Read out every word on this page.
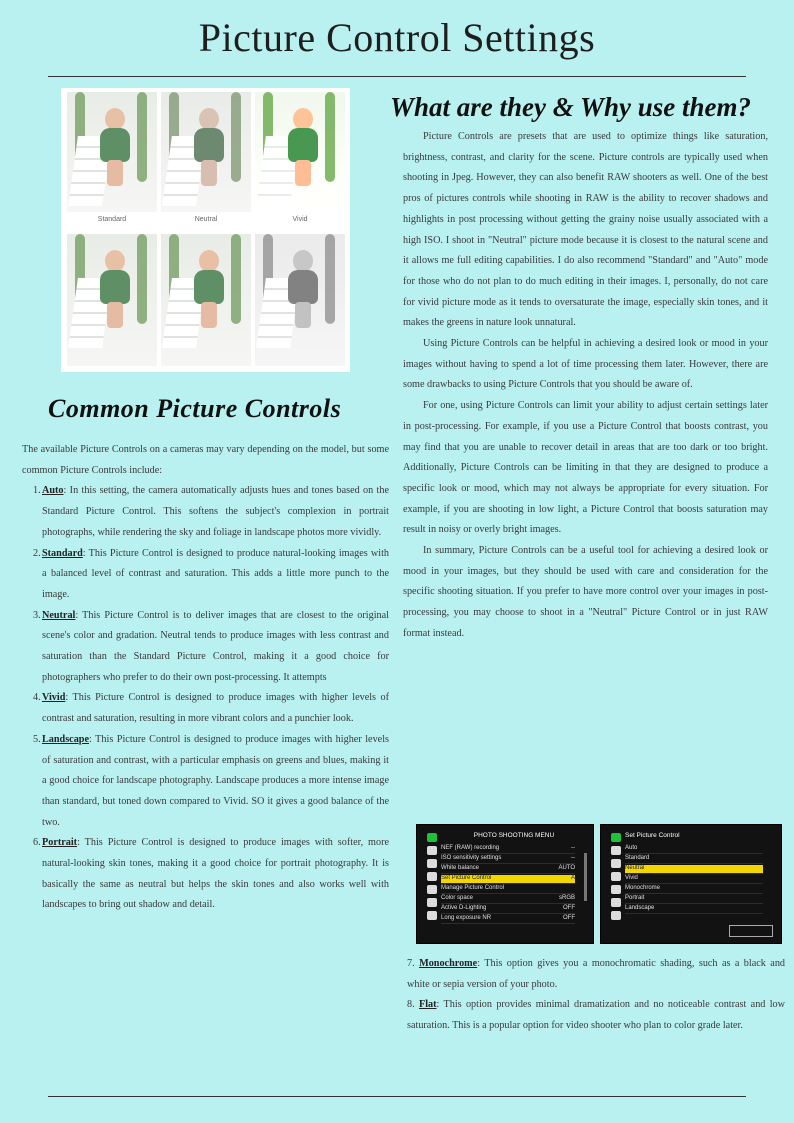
Picture Control Settings
Standard	Neutral	Vivid
What are they & Why use them?

Picture Controls are presets that are used to optimize things like saturation, brightness, contrast, and clarity for the scene. Picture controls are typically used when shooting in Jpeg. However, they can also benefit RAW shooters as well. One of the best pros of pictures controls while shooting in RAW is the ability to recover shadows and highlights in post processing without getting the grainy noise usually associated with a high ISO. I shoot in "Neutral" picture mode because it is closest to the natural scene and it allows me full editing capabilities. I do also recommend "Standard" and "Auto" mode for those who do not plan to do much editing in their images. I, personally, do not care for vivid picture mode as it tends to oversaturate the image, especially skin tones, and it makes the greens in nature look unnatural.

Using Picture Controls can be helpful in achieving a desired look or mood in your images without having to spend a lot of time processing them later. However, there are some drawbacks to using Picture Controls that you should be aware of.

For one, using Picture Controls can limit your ability to adjust certain settings later in post-processing. For example, if you use a Picture Control that boosts contrast, you may find that you are unable to recover detail in areas that are too dark or too bright. Additionally, Picture Controls can be limiting in that they are designed to produce a specific look or mood, which may not always be appropriate for every situation. For example, if you are shooting in low light, a Picture Control that boosts saturation may result in noisy or overly bright images.

In summary, Picture Controls can be a useful tool for achieving a desired look or mood in your images, but they should be used with care and consideration for the specific shooting situation. If you prefer to have more control over your images in post-processing, you may choose to shoot in a "Neutral" Picture Control or in just RAW format instead.

Common Picture Controls

The available Picture Controls on a cameras may vary depending on the model, but some common Picture Controls include:

1.Auto: In this setting, the camera automatically adjusts hues and tones based on the Standard Picture Control. This softens the subject's complexion in portrait photographs, while rendering the sky and foliage in landscape photos more vividly.
2.Standard: This Picture Control is designed to produce natural-looking images with a balanced level of contrast and saturation. This adds a little more punch to the image.
3.Neutral: This Picture Control is to deliver images that are closest to the original scene's color and gradation. Neutral tends to produce images with less contrast and saturation than the Standard Picture Control, making it a good choice for photographers who prefer to do their own post-processing. It attempts
4.Vivid: This Picture Control is designed to produce images with higher levels of contrast and saturation, resulting in more vibrant colors and a punchier look.
5.Landscape: This Picture Control is designed to produce images with higher levels of saturation and contrast, with a particular emphasis on greens and blues, making it a good choice for landscape photography. Landscape produces a more intense image than standard, but toned down compared to Vivid. SO it gives a good balance of the two.
6.Portrait: This Picture Control is designed to produce images with softer, more natural-looking skin tones, making it a good choice for portrait photography. It is basically the same as neutral but helps the skin tones and also works well with landscapes to bring out shadow and detail.
PHOTO SHOOTING MENU
NEF (RAW) recording	--
ISO sensitivity settings	--
White balance	AUTO
Set Picture Control	A
Manage Picture Control
Color space	sRGB
Active D-Lighting	OFF
Long exposure NR	OFF
Set Picture Control
Auto
Standard
Neutral
Vivid
Monochrome
Portrait
Landscape

7. Monochrome: This option gives you a monochromatic shading, such as a black and white or sepia version of your photo.

8. Flat: This option provides minimal dramatization and no noticeable contrast and low saturation. This is a popular option for video shooter who plan to color grade later.
